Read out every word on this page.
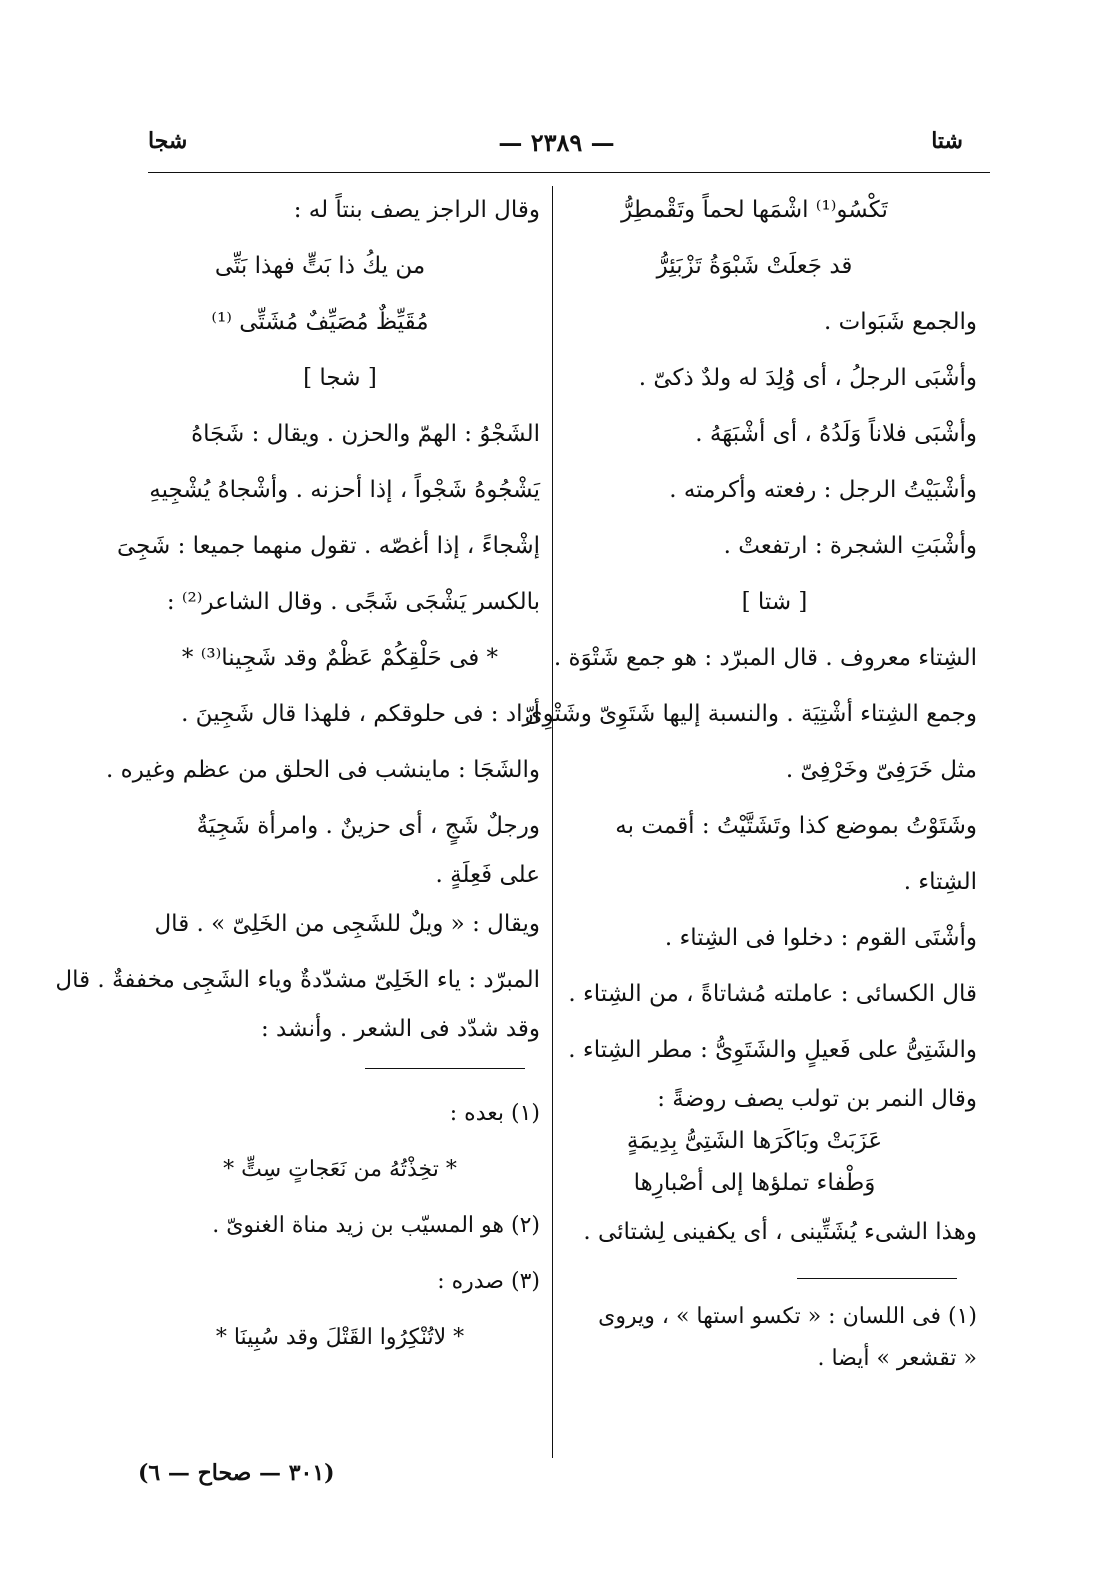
شتا
— ٢٣٨٩ —
شجا
تَكْسُو⁽¹⁾ اشْمَها لحماً وتَقْمطِرُّ
قد جَعلَتْ شَبْوَةُ تَزْبَئِرُّ
والجمع شَبَوات .
وأشْبَى الرجلُ ، أى وُلِدَ له ولدٌ ذكىّ .
وأشْبَى فلاناً وَلَدُهُ ، أى أشْبَهَهُ .
وأشْبَيْتُ الرجل : رفعته وأكرمته .
وأشْبَتِ الشجرة : ارتفعتْ .
[ شتا ]
الشِتاء معروف . قال المبرّد : هو جمع شَتْوَة .
وجمع الشِتاء أشْتِيَة . والنسبة إليها شَتَوِىّ وشَتْوِىّ
مثل خَرَفِىّ وخَرْفِىّ .
وشَتَوْتُ بموضع كذا وتَشَتَّيْتُ : أقمت به
الشِتاء .
وأشْتَى القوم : دخلوا فى الشِتاء .
قال الكسائى : عاملته مُشاتاةً ، من الشِتاء .
والشَتِىُّ على فَعيلٍ والشَتَوِىُّ : مطر الشِتاء .
وقال النمر بن تولب يصف روضةً :
عَزَبَتْ وبَاكَرَها الشَتِىُّ بِدِيمَةٍ
وَطْفاء تملؤها إلى أصْبارِها
وهذا الشىء يُشَتِّينى ، أى يكفينى لِشتائى .
(١) فى اللسان : « تكسو استها » ، ويروى
« تقشعر » أيضا .
وقال الراجز يصف بنتاً له :
من يكُ ذا بَتٍّ فهذا بَتِّى
مُقَيِّظٌ مُصَيِّفٌ مُشَتِّى ⁽¹⁾
[ شجا ]
الشَجْوُ : الهمّ والحزن . ويقال : شَجَاهُ
يَشْجُوهُ شَجْواً ، إذا أحزنه . وأشْجاهُ يُشْجِيهِ
إشْجاءً ، إذا أغصّه . تقول منهما جميعا : شَجِىَ
بالكسر يَشْجَى شَجًى . وقال الشاعر⁽²⁾ :
* فى حَلْقِكُمْ عَظْمٌ وقد شَجِينا⁽³⁾ *
أراد : فى حلوقكم ، فلهذا قال شَجِينَ .
والشَجَا : ماينشب فى الحلق من عظم وغيره .
ورجلٌ شَجٍ ، أى حزينٌ . وامرأة شَجِيَةٌ
على فَعِلَةٍ .
ويقال : « ويلٌ للشَجِى من الخَلِىّ » . قال
المبرّد : ياء الخَلِىّ مشدّدةٌ وياء الشَجِى مخففةٌ . قال
وقد شدّد فى الشعر . وأنشد :
(١) بعده :
* تخِذْتُهُ من نَعَجاتٍ سِتٍّ *
(٢) هو المسيّب بن زيد مناة الغنوىّ .
(٣) صدره :
* لاتُنْكِرُوا القَتْلَ وقد سُبِينَا *
(٣٠١ — صحاح — ٦)
